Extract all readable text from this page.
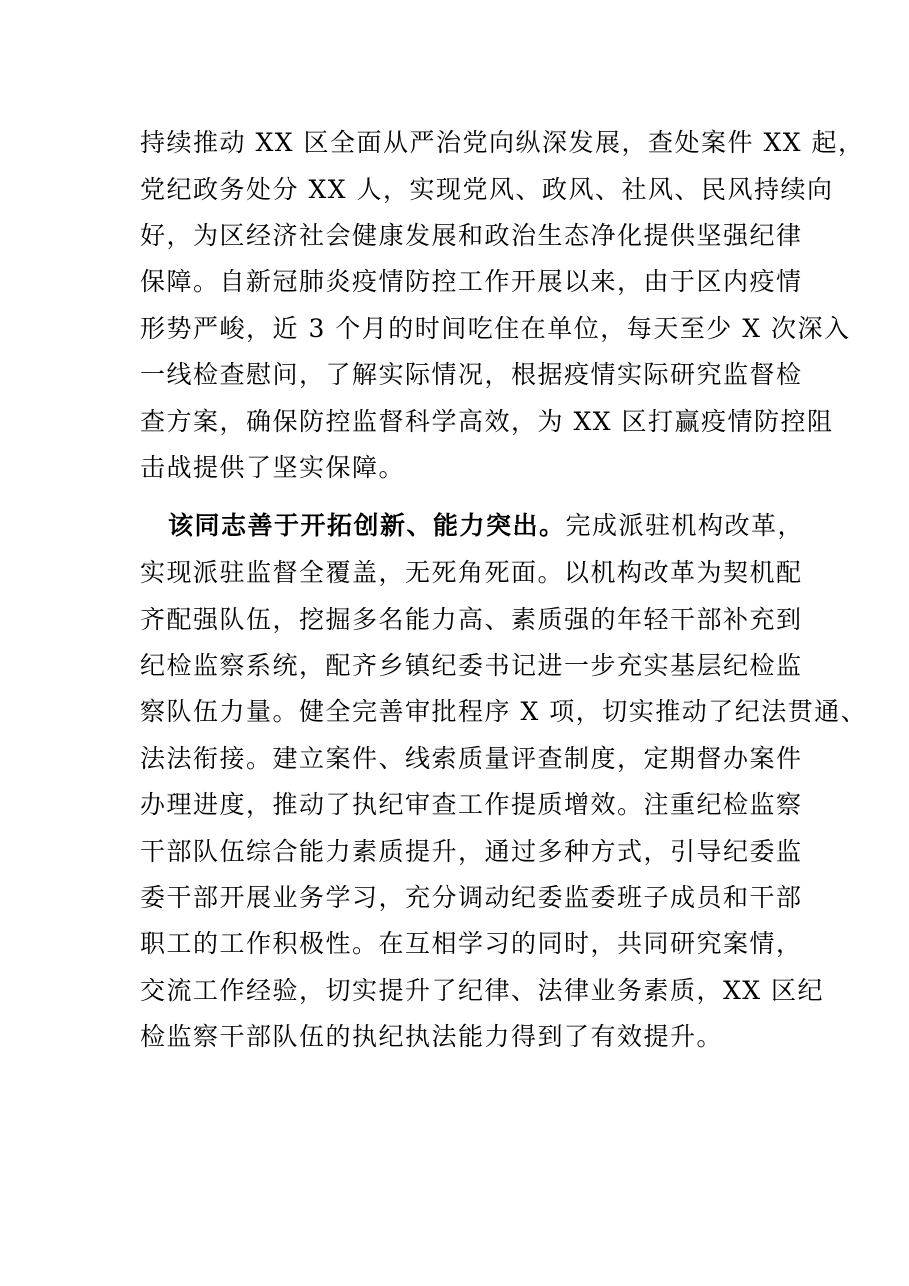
持续推动 XX 区全面从严治党向纵深发展，查处案件 XX 起，
党纪政务处分 XX 人，实现党风、政风、社风、民风持续向
好，为区经济社会健康发展和政治生态净化提供坚强纪律
保障。自新冠肺炎疫情防控工作开展以来，由于区内疫情
形势严峻，近 3 个月的时间吃住在单位，每天至少 X 次深入
一线检查慰问，了解实际情况，根据疫情实际研究监督检
查方案，确保防控监督科学高效，为 XX 区打赢疫情防控阻
击战提供了坚实保障。
该同志善于开拓创新、能力突出。完成派驻机构改革，
实现派驻监督全覆盖，无死角死面。以机构改革为契机配
齐配强队伍，挖掘多名能力高、素质强的年轻干部补充到
纪检监察系统，配齐乡镇纪委书记进一步充实基层纪检监
察队伍力量。健全完善审批程序 X 项，切实推动了纪法贯通、
法法衔接。建立案件、线索质量评查制度，定期督办案件
办理进度，推动了执纪审查工作提质增效。注重纪检监察
干部队伍综合能力素质提升，通过多种方式，引导纪委监
委干部开展业务学习，充分调动纪委监委班子成员和干部
职工的工作积极性。在互相学习的同时，共同研究案情，
交流工作经验，切实提升了纪律、法律业务素质，XX 区纪
检监察干部队伍的执纪执法能力得到了有效提升。
